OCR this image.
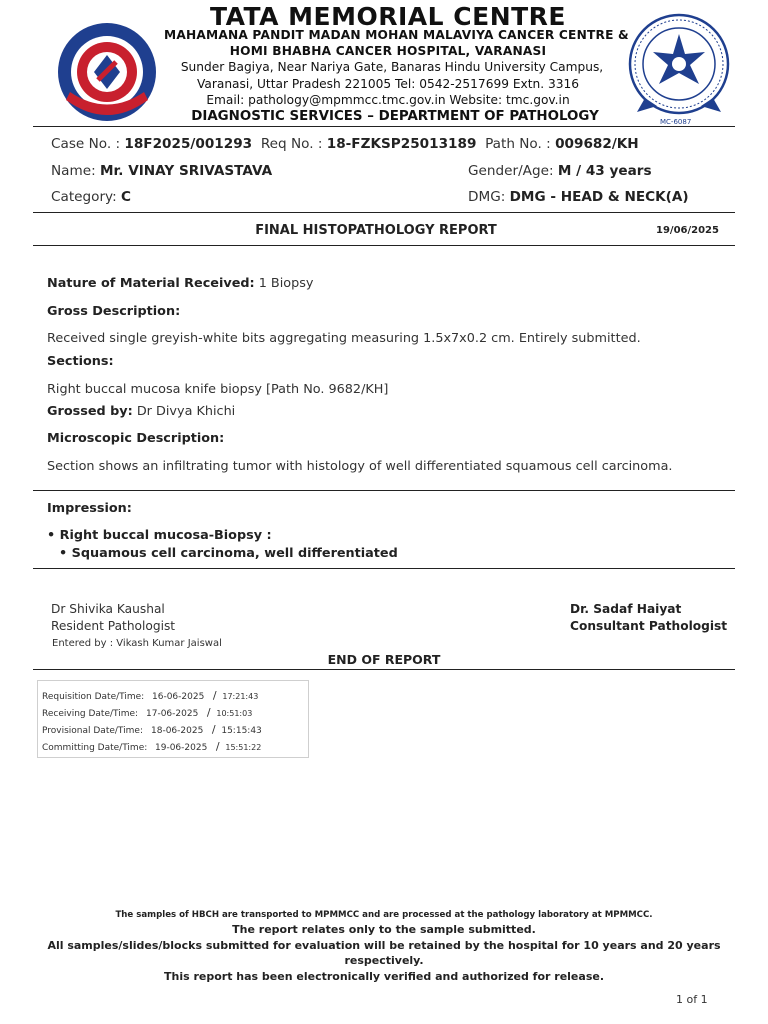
MC-6087
TATA MEMORIAL CENTRE
MAHAMANA PANDIT MADAN MOHAN MALAVIYA CANCER CENTRE &
HOMI BHABHA CANCER HOSPITAL, VARANASI
Sunder Bagiya, Near Nariya Gate, Banaras Hindu University Campus,
Varanasi, Uttar Pradesh 221005 Tel: 0542-2517699 Extn. 3316
Email: pathology@mpmmcc.tmc.gov.in Website: tmc.gov.in
DIAGNOSTIC SERVICES – DEPARTMENT OF PATHOLOGY
Case No. : 18F2025/001293 Req No. : 18-FZKSP25013189 Path No. : 009682/KH
Name: Mr. VINAY SRIVASTAVA	Gender/Age: M / 43 years
Category: C	DMG: DMG - HEAD & NECK(A)
FINAL HISTOPATHOLOGY REPORT	19/06/2025
Nature of Material Received: 1 Biopsy
Gross Description:
Received single greyish-white bits aggregating measuring 1.5x7x0.2 cm. Entirely submitted.
Sections:
Right buccal mucosa knife biopsy [Path No. 9682/KH]
Grossed by: Dr Divya Khichi
Microscopic Description:
Section shows an infiltrating tumor with histology of well differentiated squamous cell carcinoma.
Impression:
• Right buccal mucosa-Biopsy :
• Squamous cell carcinoma, well differentiated
Dr Shivika Kaushal
Resident Pathologist
Entered by : Vikash Kumar Jaiswal
Dr. Sadaf Haiyat
Consultant Pathologist
END OF REPORT
Requisition Date/Time: 16-06-2025 / 17:21:43
Receiving Date/Time: 17-06-2025 / 10:51:03
Provisional Date/Time: 18-06-2025 / 15:15:43
Committing Date/Time: 19-06-2025 / 15:51:22
The samples of HBCH are transported to MPMMCC and are processed at the pathology laboratory at MPMMCC.
The report relates only to the sample submitted.
All samples/slides/blocks submitted for evaluation will be retained by the hospital for 10 years and 20 years
respectively.
This report has been electronically verified and authorized for release.
1 of 1
